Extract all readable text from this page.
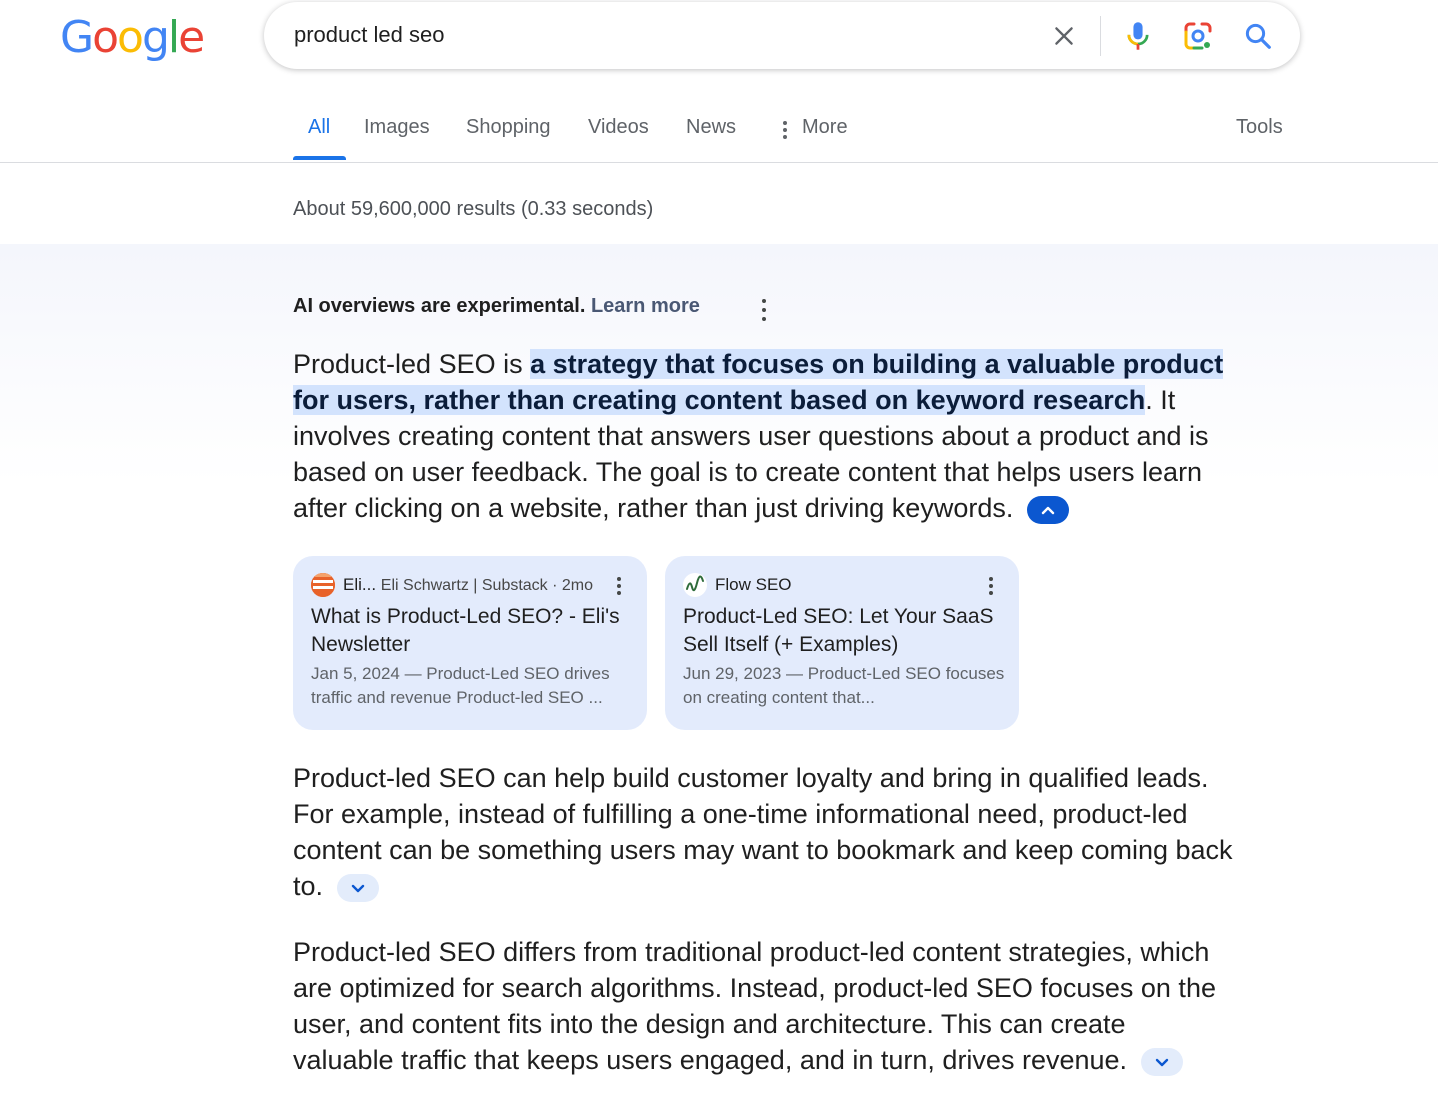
Google	product led seo
All Images Shopping Videos News	More	Tools
About 59,600,000 results (0.33 seconds)
AI overviews are experimental. Learn more
Product-led SEO is a strategy that focuses on building a valuable product for users, rather than creating content based on keyword research. It involves creating content that answers user questions about a product and is based on user feedback. The goal is to create content that helps users learn after clicking on a website, rather than just driving keywords.
Eli... Eli Schwartz | Substack · 2mo
What is Product-Led SEO? - Eli's Newsletter
Jan 5, 2024 — Product-Led SEO drives traffic and revenue Product-led SEO ...
Flow SEO
Product-Led SEO: Let Your SaaS Sell Itself (+ Examples)
Jun 29, 2023 — Product-Led SEO focuses on creating content that...
Product-led SEO can help build customer loyalty and bring in qualified leads. For example, instead of fulfilling a one-time informational need, product-led content can be something users may want to bookmark and keep coming back to.
Product-led SEO differs from traditional product-led content strategies, which are optimized for search algorithms. Instead, product-led SEO focuses on the user, and content fits into the design and architecture. This can create valuable traffic that keeps users engaged, and in turn, drives revenue.
